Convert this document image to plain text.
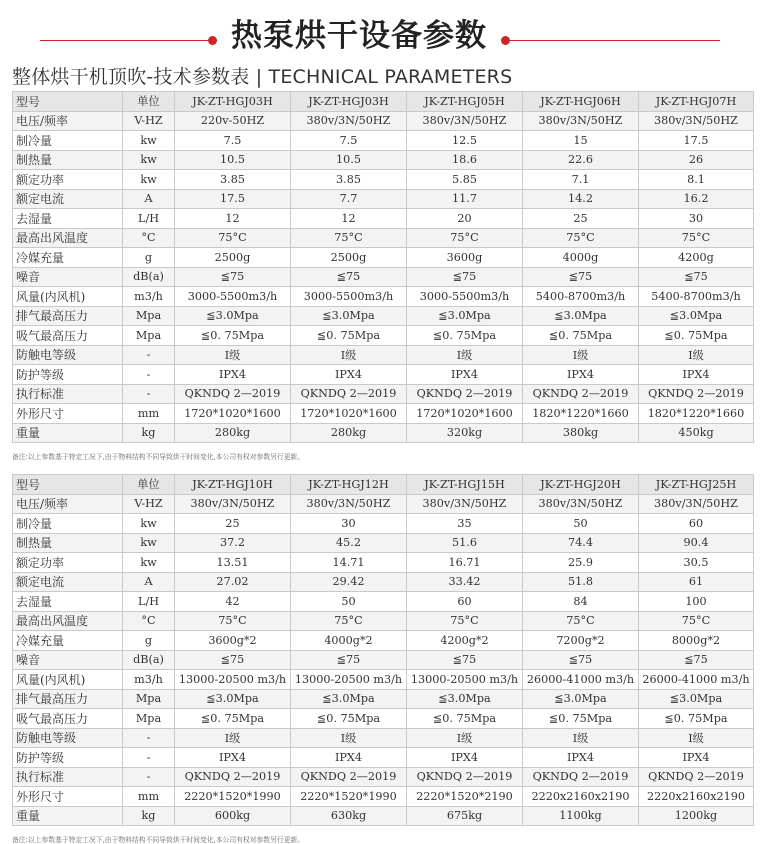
热泵烘干设备参数
整体烘干机顶吹-技术参数表 | TECHNICAL PARAMETERS
型号	单位	JK-ZT-HGJ03H	JK-ZT-HGJ03H	JK-ZT-HGJ05H	JK-ZT-HGJ06H	JK-ZT-HGJ07H
电压/频率	V-HZ	220v-50HZ	380v/3N/50HZ	380v/3N/50HZ	380v/3N/50HZ	380v/3N/50HZ
制冷量	kw	7.5	7.5	12.5	15	17.5
制热量	kw	10.5	10.5	18.6	22.6	26
额定功率	kw	3.85	3.85	5.85	7.1	8.1
额定电流	A	17.5	7.7	11.7	14.2	16.2
去湿量	L/H	12	12	20	25	30
最高出风温度	°C	75°C	75°C	75°C	75°C	75°C
冷媒充量	g	2500g	2500g	3600g	4000g	4200g
噪音	dB(a)	≦75	≦75	≦75	≦75	≦75
风量(内风机)	m3/h	3000-5500m3/h	3000-5500m3/h	3000-5500m3/h	5400-8700m3/h	5400-8700m3/h
排气最高压力	Mpa	≦3.0Mpa	≦3.0Mpa	≦3.0Mpa	≦3.0Mpa	≦3.0Mpa
吸气最高压力	Mpa	≦0. 75Mpa	≦0. 75Mpa	≦0. 75Mpa	≦0. 75Mpa	≦0. 75Mpa
防触电等级	-	I级	I级	I级	I级	I级
防护等级	-	IPX4	IPX4	IPX4	IPX4	IPX4
执行标准	-	QKNDQ 2—2019	QKNDQ 2—2019	QKNDQ 2—2019	QKNDQ 2—2019	QKNDQ 2—2019
外形尺寸	mm	1720*1020*1600	1720*1020*1600	1720*1020*1600	1820*1220*1660	1820*1220*1660
重量	kg	280kg	280kg	320kg	380kg	450kg
备注:以上参数基于特定工况下,由于物料结构不同导致烘干时间变化,本公司有权对参数另行更新。
型号	单位	JK-ZT-HGJ10H	JK-ZT-HGJ12H	JK-ZT-HGJ15H	JK-ZT-HGJ20H	JK-ZT-HGJ25H
电压/频率	V-HZ	380v/3N/50HZ	380v/3N/50HZ	380v/3N/50HZ	380v/3N/50HZ	380v/3N/50HZ
制冷量	kw	25	30	35	50	60
制热量	kw	37.2	45.2	51.6	74.4	90.4
额定功率	kw	13.51	14.71	16.71	25.9	30.5
额定电流	A	27.02	29.42	33.42	51.8	61
去湿量	L/H	42	50	60	84	100
最高出风温度	°C	75°C	75°C	75°C	75°C	75°C
冷媒充量	g	3600g*2	4000g*2	4200g*2	7200g*2	8000g*2
噪音	dB(a)	≦75	≦75	≦75	≦75	≦75
风量(内风机)	m3/h	13000-20500 m3/h	13000-20500 m3/h	13000-20500 m3/h	26000-41000 m3/h	26000-41000 m3/h
排气最高压力	Mpa	≦3.0Mpa	≦3.0Mpa	≦3.0Mpa	≦3.0Mpa	≦3.0Mpa
吸气最高压力	Mpa	≦0. 75Mpa	≦0. 75Mpa	≦0. 75Mpa	≦0. 75Mpa	≦0. 75Mpa
防触电等级	-	I级	I级	I级	I级	I级
防护等级	-	IPX4	IPX4	IPX4	IPX4	IPX4
执行标准	-	QKNDQ 2—2019	QKNDQ 2—2019	QKNDQ 2—2019	QKNDQ 2—2019	QKNDQ 2—2019
外形尺寸	mm	2220*1520*1990	2220*1520*1990	2220*1520*2190	2220x2160x2190	2220x2160x2190
重量	kg	600kg	630kg	675kg	1100kg	1200kg
备注:以上参数基于特定工况下,由于物料结构不同导致烘干时间变化,本公司有权对参数另行更新。
